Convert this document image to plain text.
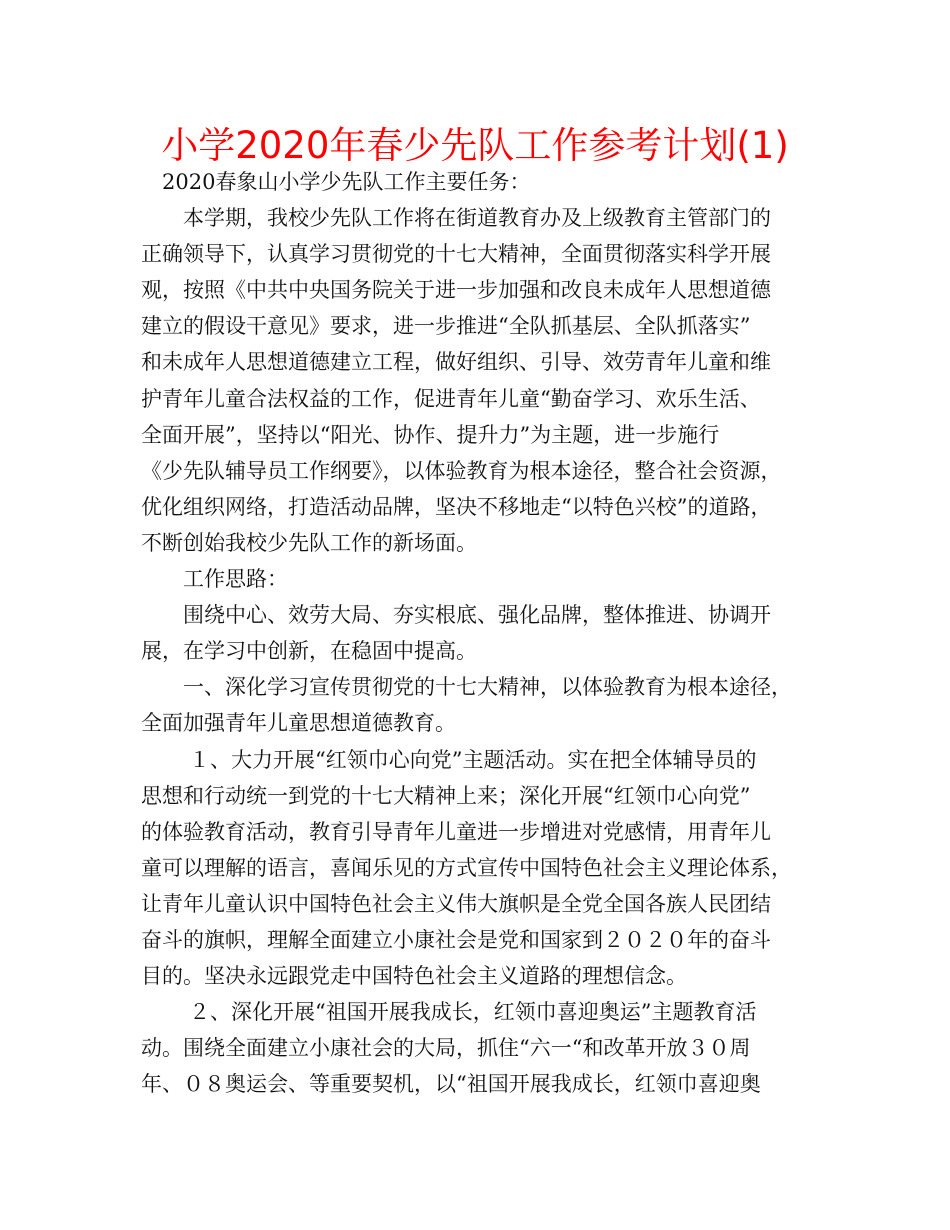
小学2020年春少先队工作参考计划(1)
2020春象山小学少先队工作主要任务：
本学期，我校少先队工作将在街道教育办及上级教育主管部门的
正确领导下，认真学习贯彻党的十七大精神，全面贯彻落实科学开展
观，按照《中共中央国务院关于进一步加强和改良未成年人思想道德
建立的假设干意见》要求，进一步推进“全队抓基层、全队抓落实”
和未成年人思想道德建立工程，做好组织、引导、效劳青年儿童和维
护青年儿童合法权益的工作，促进青年儿童“勤奋学习、欢乐生活、
全面开展”，坚持以“阳光、协作、提升力”为主题，进一步施行
《少先队辅导员工作纲要》，以体验教育为根本途径，整合社会资源，
优化组织网络，打造活动品牌，坚决不移地走“以特色兴校”的道路，
不断创始我校少先队工作的新场面。
工作思路：
围绕中心、效劳大局、夯实根底、强化品牌，整体推进、协调开
展，在学习中创新，在稳固中提高。
一、深化学习宣传贯彻党的十七大精神，以体验教育为根本途径，
全面加强青年儿童思想道德教育。
１、大力开展“红领巾心向党”主题活动。实在把全体辅导员的
思想和行动统一到党的十七大精神上来；深化开展“红领巾心向党”
的体验教育活动，教育引导青年儿童进一步增进对党感情，用青年儿
童可以理解的语言，喜闻乐见的方式宣传中国特色社会主义理论体系，
让青年儿童认识中国特色社会主义伟大旗帜是全党全国各族人民团结
奋斗的旗帜，理解全面建立小康社会是党和国家到２０２０年的奋斗
目的。坚决永远跟党走中国特色社会主义道路的理想信念。
２、深化开展“祖国开展我成长，红领巾喜迎奥运”主题教育活
动。围绕全面建立小康社会的大局，抓住“六一“和改革开放３０周
年、０８奥运会、等重要契机，以“祖国开展我成长，红领巾喜迎奥
